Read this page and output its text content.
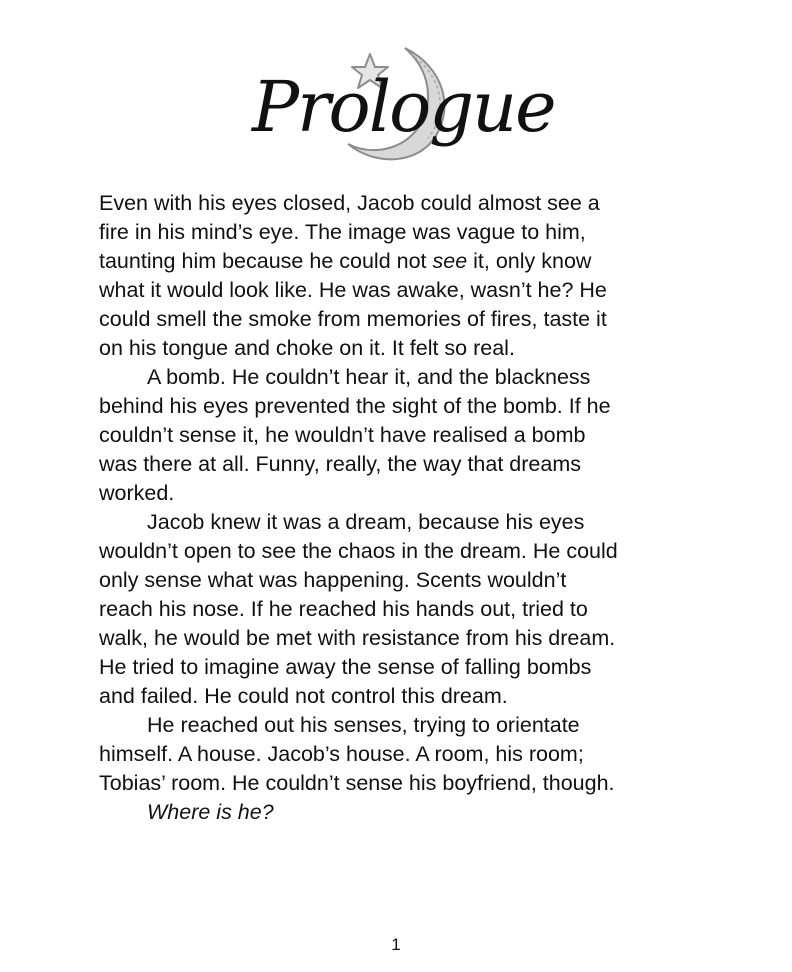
Prologue

Even with his eyes closed, Jacob could almost see a
fire in his mind’s eye. The image was vague to him,
taunting him because he could not see it, only know
what it would look like. He was awake, wasn’t he? He
could smell the smoke from memories of fires, taste it
on his tongue and choke on it. It felt so real.

A bomb. He couldn’t hear it, and the blackness
behind his eyes prevented the sight of the bomb. If he
couldn’t sense it, he wouldn’t have realised a bomb
was there at all. Funny, really, the way that dreams
worked.

Jacob knew it was a dream, because his eyes
wouldn’t open to see the chaos in the dream. He could
only sense what was happening. Scents wouldn’t
reach his nose. If he reached his hands out, tried to
walk, he would be met with resistance from his dream.
He tried to imagine away the sense of falling bombs
and failed. He could not control this dream.

He reached out his senses, trying to orientate
himself. A house. Jacob’s house. A room, his room;
Tobias’ room. He couldn’t sense his boyfriend, though.

Where is he?

1
